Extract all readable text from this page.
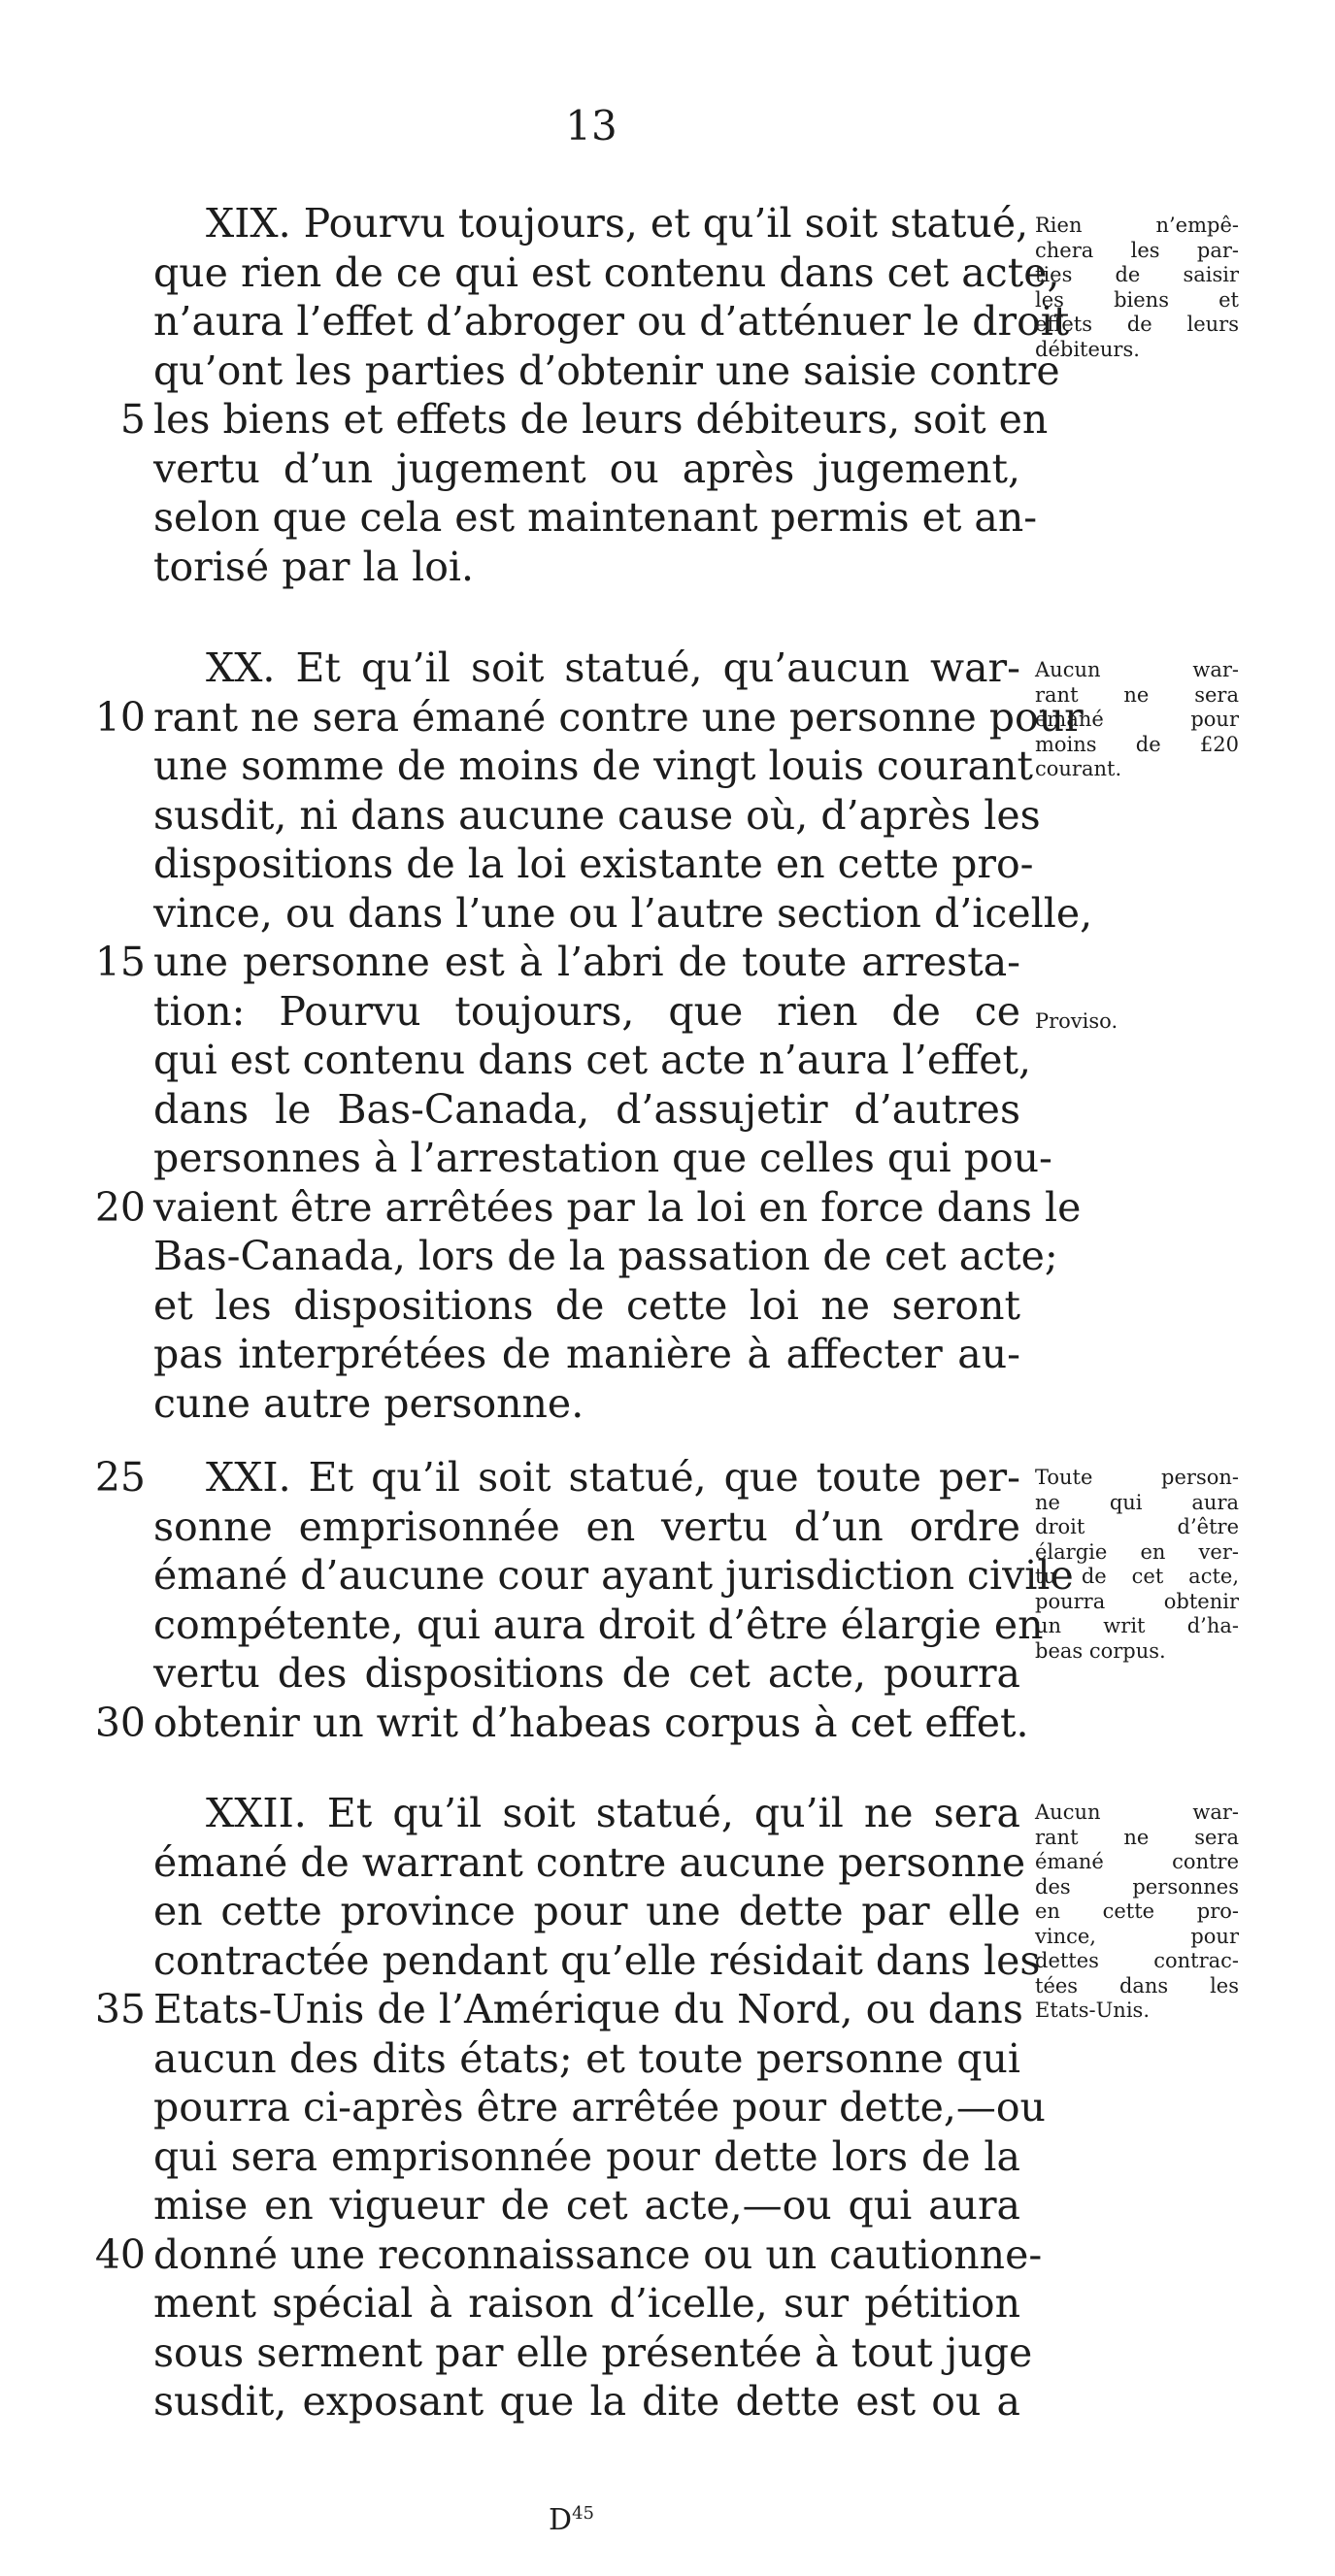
13
XIX. Pourvu toujours, et qu’il soit statué,
que rien de ce qui est contenu dans cet acte,
n’aura l’effet d’abroger ou d’atténuer le droit
qu’ont les parties d’obtenir une saisie contre
5 les biens et effets de leurs débiteurs, soit en
vertu d’un jugement ou après jugement,
selon que cela est maintenant permis et an-
torisé par la loi.
Rien n’empê-
chera les par-
ties de saisir
les biens et
effets de leurs
débiteurs.
XX. Et qu’il soit statué, qu’aucun war-
10 rant ne sera émané contre une personne pour
une somme de moins de vingt louis courant
susdit, ni dans aucune cause où, d’après les
dispositions de la loi existante en cette pro-
vince, ou dans l’une ou l’autre section d’icelle,
15 une personne est à l’abri de toute arresta-
tion: Pourvu toujours, que rien de ce
qui est contenu dans cet acte n’aura l’effet,
dans le Bas-Canada, d’assujetir d’autres
personnes à l’arrestation que celles qui pou-
20 vaient être arrêtées par la loi en force dans le
Bas-Canada, lors de la passation de cet acte;
et les dispositions de cette loi ne seront
pas interprétées de manière à affecter au-
cune autre personne.
Aucun war-
rant ne sera
émané pour
moins de £20
courant.
Proviso.
25 XXI. Et qu’il soit statué, que toute per-
sonne emprisonnée en vertu d’un ordre
émané d’aucune cour ayant jurisdiction civile
compétente, qui aura droit d’être élargie en
vertu des dispositions de cet acte, pourra
30 obtenir un writ d’habeas corpus à cet effet.
Toute person-
ne qui aura
droit d’être
élargie en ver-
tu de cet acte,
pourra obtenir
un writ d’ha-
beas corpus.
XXII. Et qu’il soit statué, qu’il ne sera
émané de warrant contre aucune personne
en cette province pour une dette par elle
contractée pendant qu’elle résidait dans les
35 Etats-Unis de l’Amérique du Nord, ou dans
aucun des dits états; et toute personne qui
pourra ci-après être arrêtée pour dette,—ou
qui sera emprisonnée pour dette lors de la
mise en vigueur de cet acte,—ou qui aura
40 donné une reconnaissance ou un cautionne-
ment spécial à raison d’icelle, sur pétition
sous serment par elle présentée à tout juge
susdit, exposant que la dite dette est ou a
Aucun war-
rant ne sera
émané contre
des personnes
en cette pro-
vince, pour
dettes contrac-
tées dans les
Etats-Unis.
$D^{45}$
